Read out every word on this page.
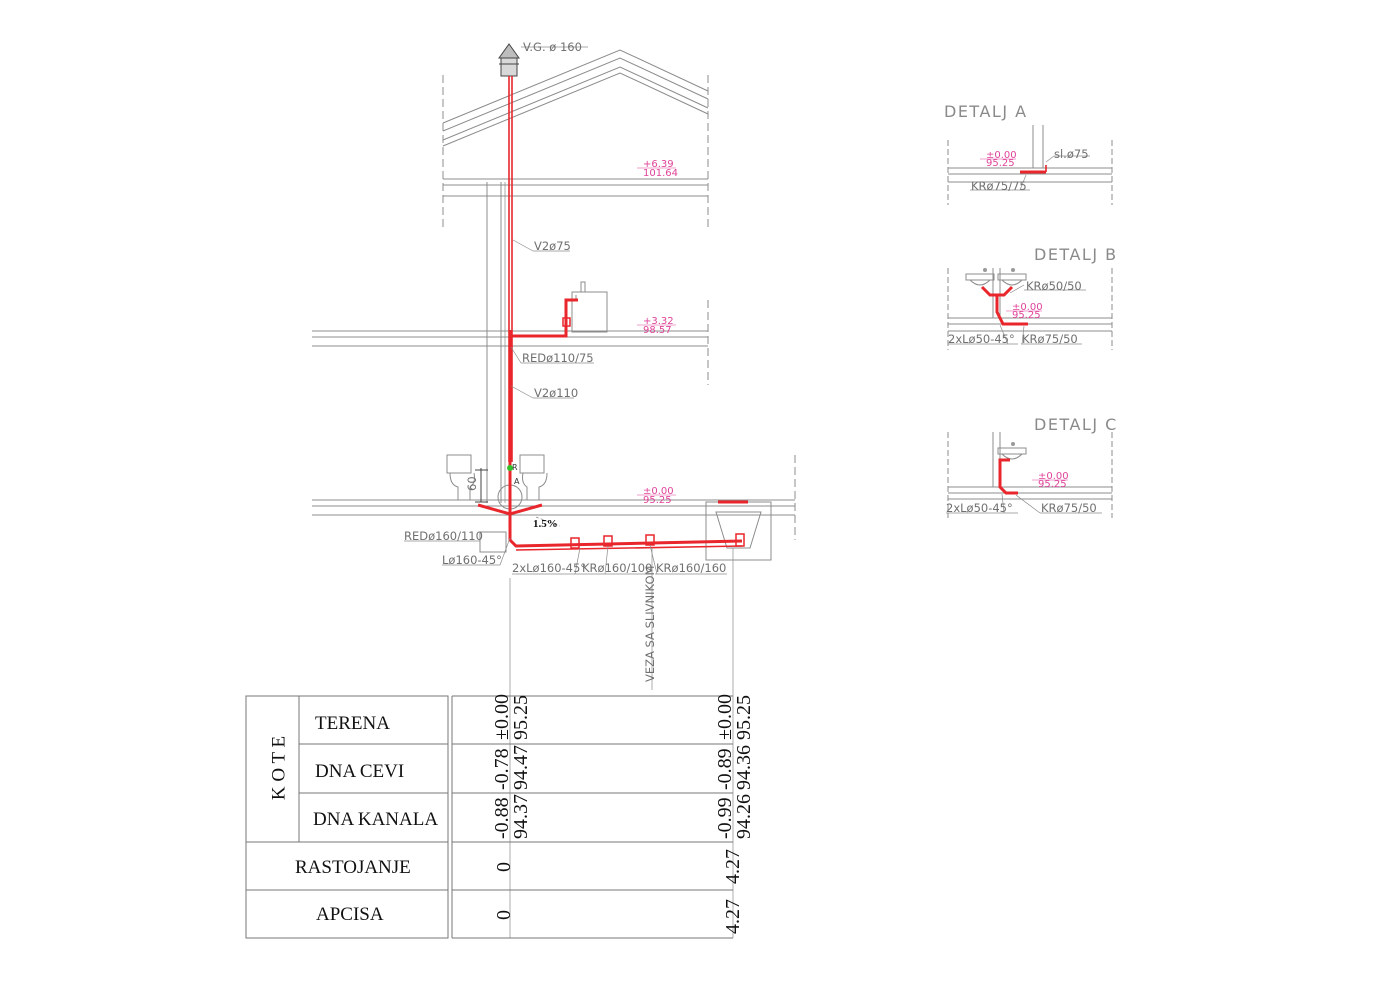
60
R
A
V.G. ø 160
V2ø75
REDø110/75
V2ø110
REDø160/110
Lø160-45°
2xLø160-45°
KRø160/100 KRø160/160
VEZA SA SLIVNIKOM
1.5%
+6.39
101.64
+3.32
98.57
±0.00
95.25
DETALJ A
±0.00
95.25
sl.ø75
KRø75/75
DETALJ B
±0.00
95.25
KRø50/50
2xLø50-45° KRø75/50
DETALJ C
±0.00
95.25
2xLø50-45° KRø75/50
K O T E
TERENA
DNA CEVI
DNA KANALA
RASTOJANJE
APCISA
±0.00
95.25
-0.78
94.47
-0.88
94.37
0
0
±0.00
95.25
-0.89
94.36
-0.99
94.26
4.27
4.27
